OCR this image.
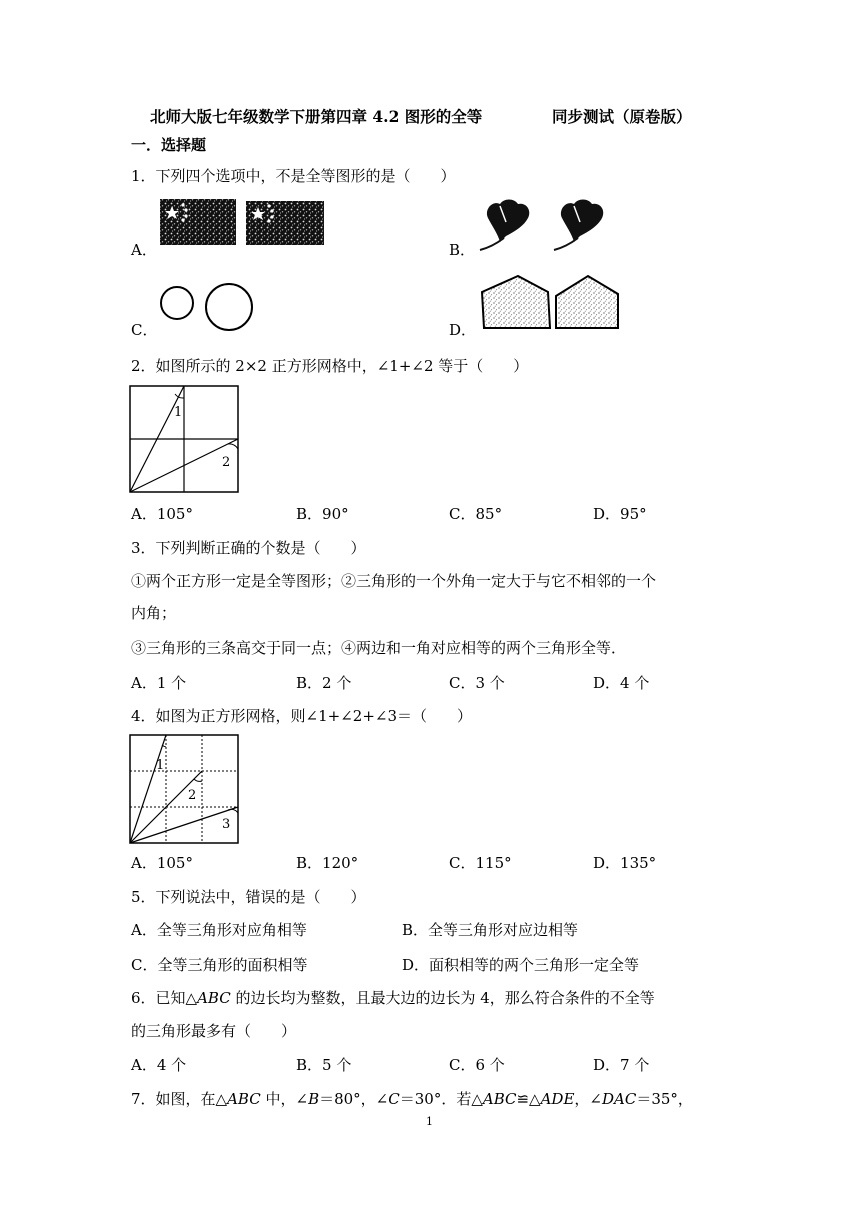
北师大版七年级数学下册第四章 4.2 图形的全等	同步测试（原卷版）
一．选择题
1．下列四个选项中，不是全等图形的是（　　）
A．	B．
C．	D．
2．如图所示的 2×2 正方形网格中，∠1+∠2 等于（　　）
1
2
A．105°	B．90°	C．85°	D．95°
3．下列判断正确的个数是（　　）
①两个正方形一定是全等图形；②三角形的一个外角一定大于与它不相邻的一个
内角；
③三角形的三条高交于同一点；④两边和一角对应相等的两个三角形全等．
A．1 个	B．2 个	C．3 个	D．4 个
4．如图为正方形网格，则∠1+∠2+∠3＝（　　）
1
2
3
A．105°	B．120°	C．115°	D．135°
5．下列说法中，错误的是（　　）
A．全等三角形对应角相等	B．全等三角形对应边相等
C．全等三角形的面积相等	D．面积相等的两个三角形一定全等
6．已知△ABC 的边长均为整数，且最大边的边长为 4，那么符合条件的不全等
的三角形最多有（　　）
A．4 个	B．5 个	C．6 个	D．7 个
7．如图，在△ABC 中，∠B＝80°，∠C＝30°．若△ABC≌△ADE，∠DAC＝35°，
1
